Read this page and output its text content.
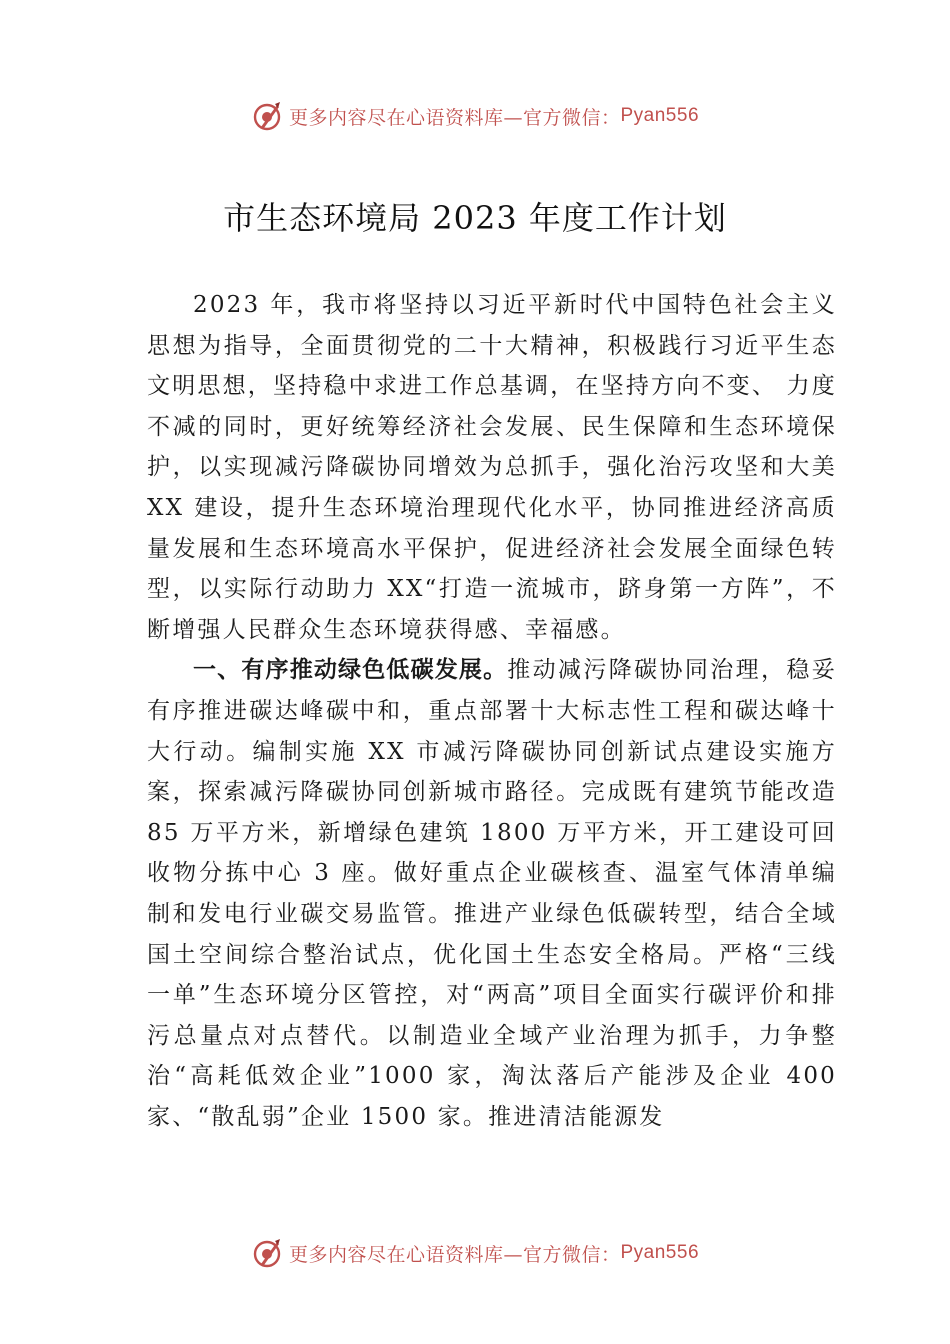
更多内容尽在心语资料库—官方微信： Pyan556
市生态环境局 2023 年度工作计划

2023 年，我市将坚持以习近平新时代中国特色社会主义思想为指导，全面贯彻党的二十大精神，积极践行习近平生态文明思想，坚持稳中求进工作总基调，在坚持方向不变、 力度不减的同时，更好统筹经济社会发展、民生保障和生态环境保护，以实现减污降碳协同增效为总抓手，强化治污攻坚和大美 XX 建设，提升生态环境治理现代化水平，协同推进经济高质量发展和生态环境高水平保护，促进经济社会发展全面绿色转型，以实际行动助力 XX“打造一流城市，跻身第一方阵”，不断增强人民群众生态环境获得感、幸福感。

一、有序推动绿色低碳发展。推动减污降碳协同治理，稳妥有序推进碳达峰碳中和，重点部署十大标志性工程和碳达峰十大行动。编制实施 XX 市减污降碳协同创新试点建设实施方案，探索减污降碳协同创新城市路径。完成既有建筑节能改造 85 万平方米，新增绿色建筑 1800 万平方米，开工建设可回收物分拣中心 3 座。做好重点企业碳核查、温室气体清单编制和发电行业碳交易监管。推进产业绿色低碳转型，结合全域国土空间综合整治试点，优化国土生态安全格局。严格“三线一单”生态环境分区管控，对“两高”项目全面实行碳评价和排污总量点对点替代。以制造业全域产业治理为抓手，力争整治“高耗低效企业”1000 家，淘汰落后产能涉及企业 400 家、“散乱弱”企业 1500 家。推进清洁能源发

更多内容尽在心语资料库—官方微信： Pyan556
